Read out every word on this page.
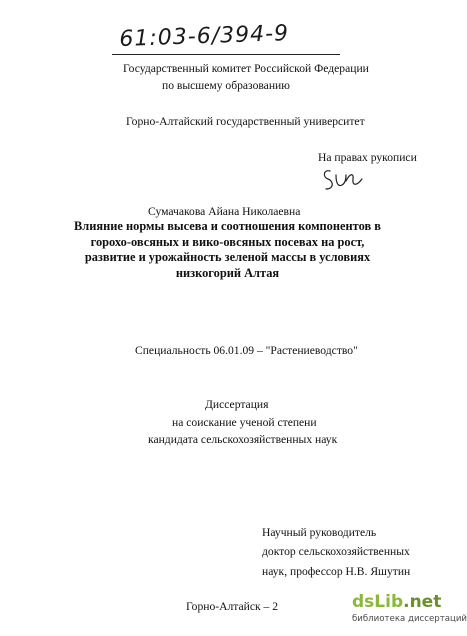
61:03-6/394-9
Государственный комитет Российской Федерации
по высшему образованию
Горно-Алтайский государственный университет
На правах рукописи
Сумачакова Айана Николаевна
Влияние нормы высева и соотношения компонентов в
горохо-овсяных и вико-овсяных посевах на рост,
развитие и урожайность зеленой массы в условиях
низкогорий Алтая
Специальность 06.01.09 – "Растениеводство"
Диссертация
на соискание ученой степени
кандидата сельскохозяйственных наук
Научный руководитель
доктор сельскохозяйственных
наук, профессор Н.В. Яшутин
Горно-Алтайск – 2	dsLib.net
библиотека диссертаций
